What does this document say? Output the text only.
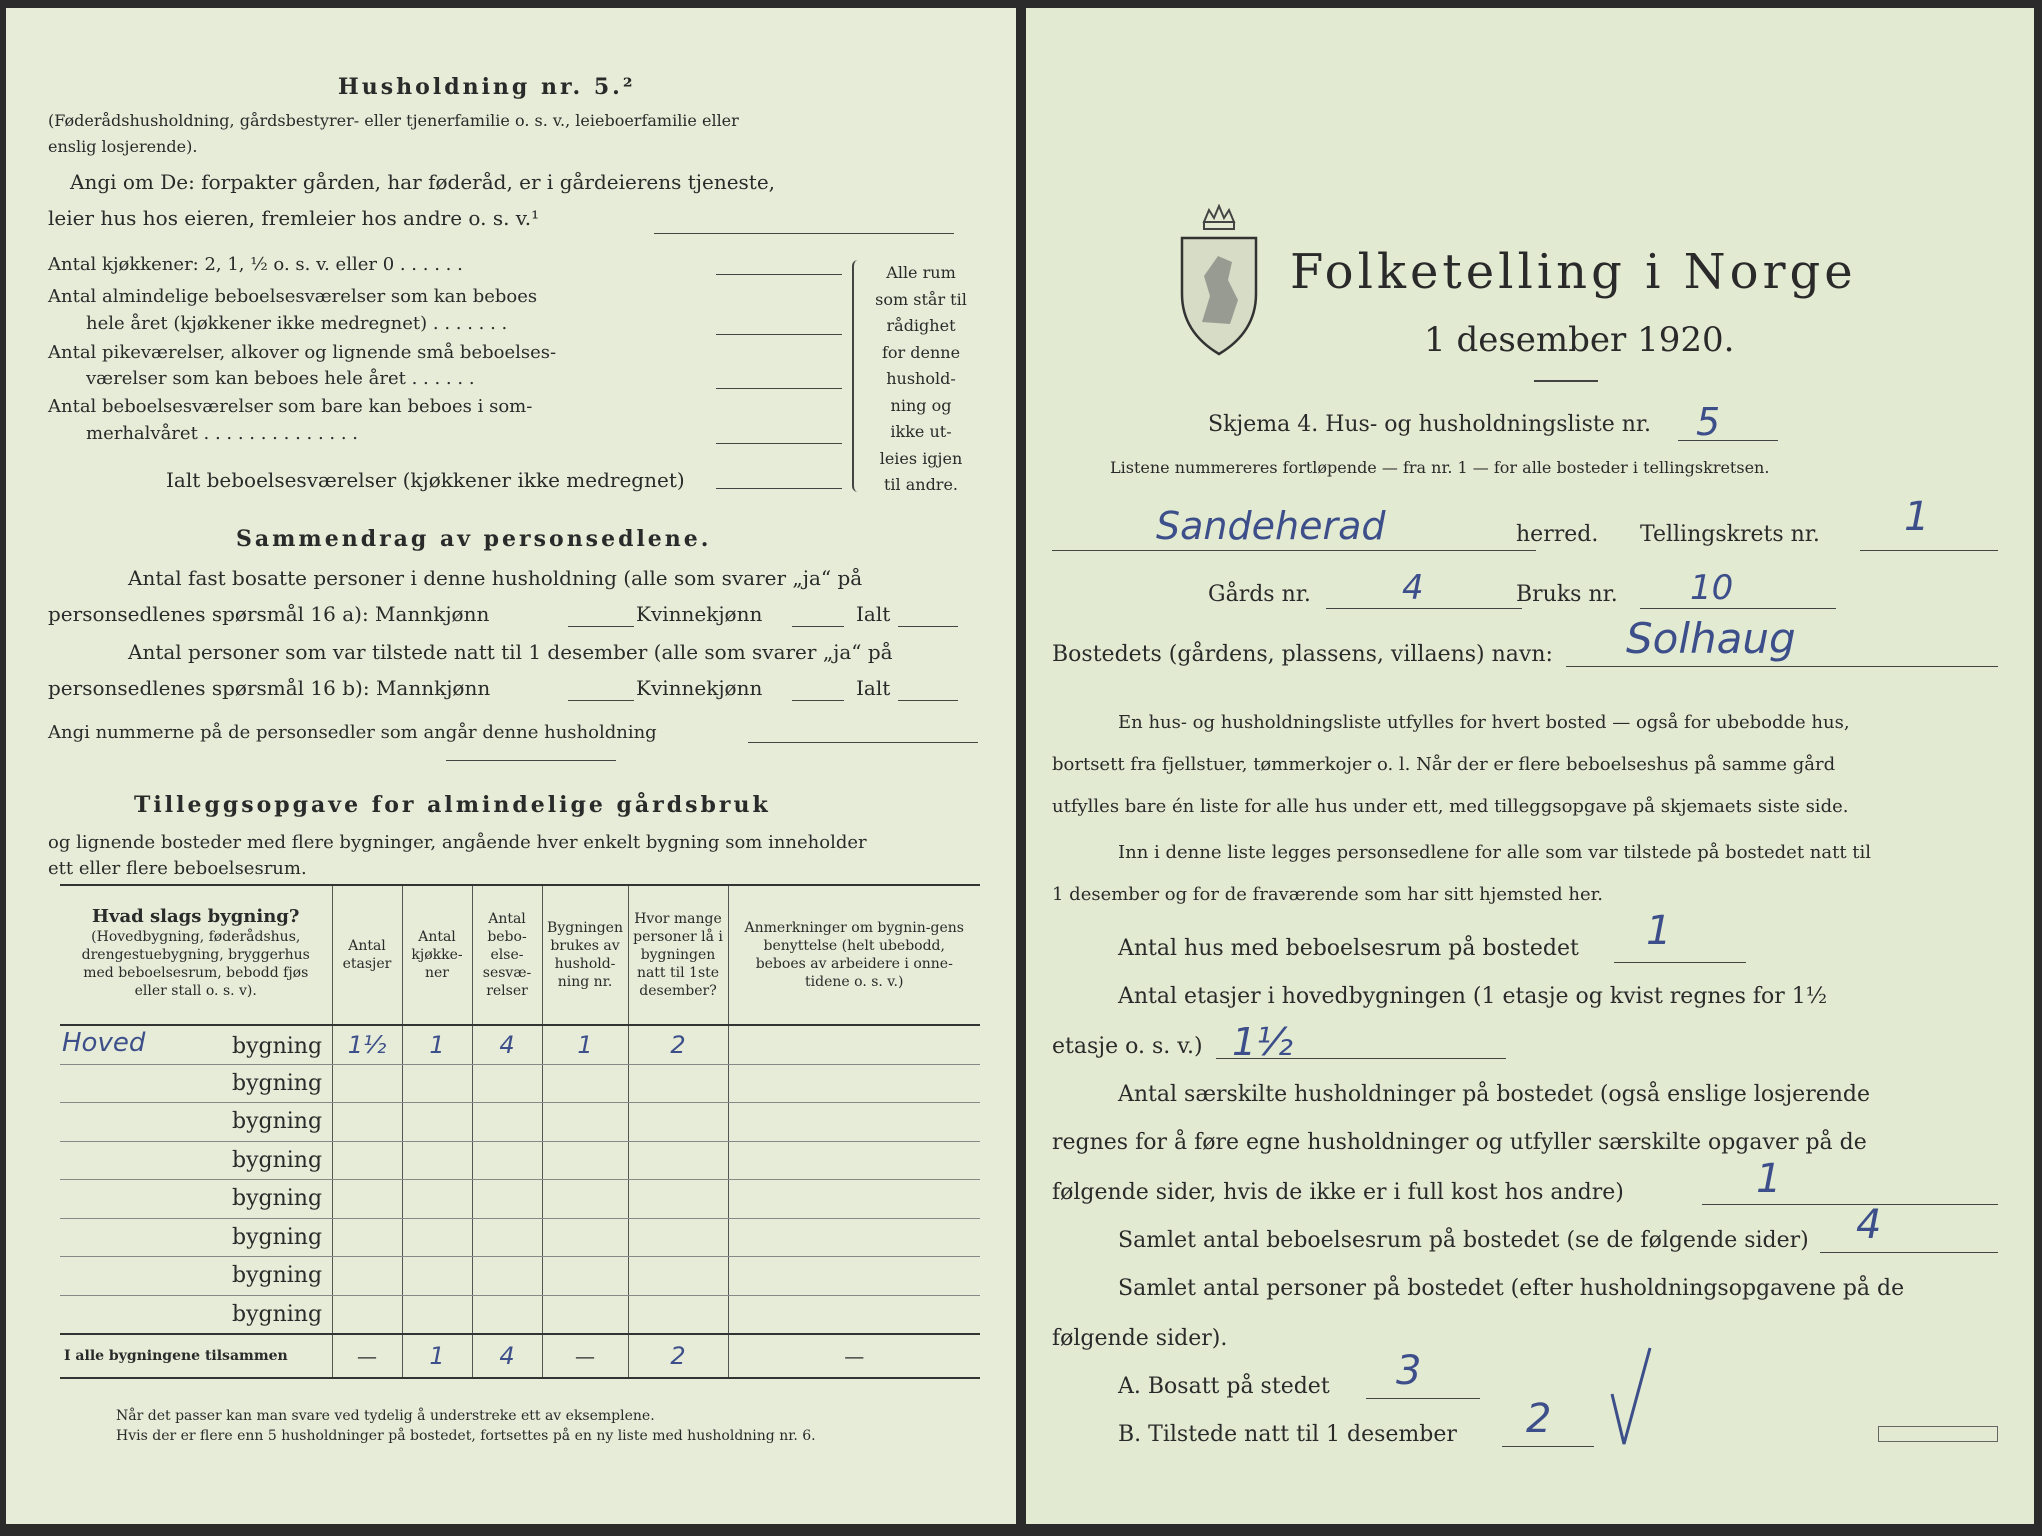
Husholdning nr. 5.²
(Føderådshusholdning, gårdsbestyrer- eller tjenerfamilie o. s. v., leieboerfamilie eller
enslig losjerende).
Angi om De: forpakter gården, har føderåd, er i gårdeierens tjeneste,
leier hus hos eieren, fremleier hos andre o. s. v.¹
Antal kjøkkener: 2, 1, ½ o. s. v. eller 0 . . . . . .
Antal almindelige beboelsesværelser som kan beboes
hele året (kjøkkener ikke medregnet) . . . . . . .
Antal pikeværelser, alkover og lignende små beboelses-
værelser som kan beboes hele året . . . . . .
Antal beboelsesværelser som bare kan beboes i som-
merhalvåret . . . . . . . . . . . . . .
Ialt beboelsesværelser (kjøkkener ikke medregnet)
Alle rum
som står til
rådighet
for denne
hushold-
ning og
ikke ut-
leies igjen
til andre.
Sammendrag av personsedlene.
Antal fast bosatte personer i denne husholdning (alle som svarer „ja“ på
personsedlenes spørsmål 16 a): Mannkjønn	Kvinnekjønn	Ialt
Antal personer som var tilstede natt til 1 desember (alle som svarer „ja“ på
personsedlenes spørsmål 16 b): Mannkjønn	Kvinnekjønn	Ialt
Angi nummerne på de personsedler som angår denne husholdning
Tilleggsopgave for almindelige gårdsbruk
og lignende bosteder med flere bygninger, angående hver enkelt bygning som inneholder
ett eller flere beboelsesrum.
Hvad slags bygning?
(Hovedbygning, føderådshus, drengestuebygning, bryggerhus med beboelsesrum, bebodd fjøs eller stall o. s. v).	Antal etasjer	Antal kjøkke-ner	Antal bebo-else-sesvæ-relser	Bygningen brukes av hushold-ning nr.	Hvor mange personer lå i bygningen natt til 1ste desember?	Anmerkninger om bygnin-gens benyttelse (helt ubebodd, beboes av arbeidere i onne-tidene o. s. v.)

Hoved bygning	1½	1	4	1	2	
bygning						
bygning						
bygning						
bygning						
bygning						
bygning						
bygning						
I alle bygningene tilsammen	—	1	4	—	2	—
Når det passer kan man svare ved tydelig å understreke ett av eksemplene.
Hvis der er flere enn 5 husholdninger på bostedet, fortsettes på en ny liste med husholdning nr. 6.
Folketelling i Norge
1 desember 1920.
Skjema 4. Hus- og husholdningsliste nr. 5
Listene nummereres fortløpende — fra nr. 1 — for alle bosteder i tellingskretsen.
Sandeherad	herred. Tellingskrets nr. 1
Gårds nr.	4	Bruks nr. 10
Bostedets (gårdens, plassens, villaens) navn: Solhaug
En hus- og husholdningsliste utfylles for hvert bosted — også for ubebodde hus,
bortsett fra fjellstuer, tømmerkojer o. l. Når der er flere beboelseshus på samme gård
utfylles bare én liste for alle hus under ett, med tilleggsopgave på skjemaets siste side.
Inn i denne liste legges personsedlene for alle som var tilstede på bostedet natt til
1 desember og for de fraværende som har sitt hjemsted her.
Antal hus med beboelsesrum på bostedet 1
Antal etasjer i hovedbygningen (1 etasje og kvist regnes for 1½
etasje o. s. v.) 1½
Antal særskilte husholdninger på bostedet (også enslige losjerende
regnes for å føre egne husholdninger og utfyller særskilte opgaver på de
følgende sider, hvis de ikke er i full kost hos andre)	1
Samlet antal beboelsesrum på bostedet (se de følgende sider) 4
Samlet antal personer på bostedet (efter husholdningsopgavene på de
følgende sider).
A. Bosatt på stedet 3
B. Tilstede natt til 1 desember 2
